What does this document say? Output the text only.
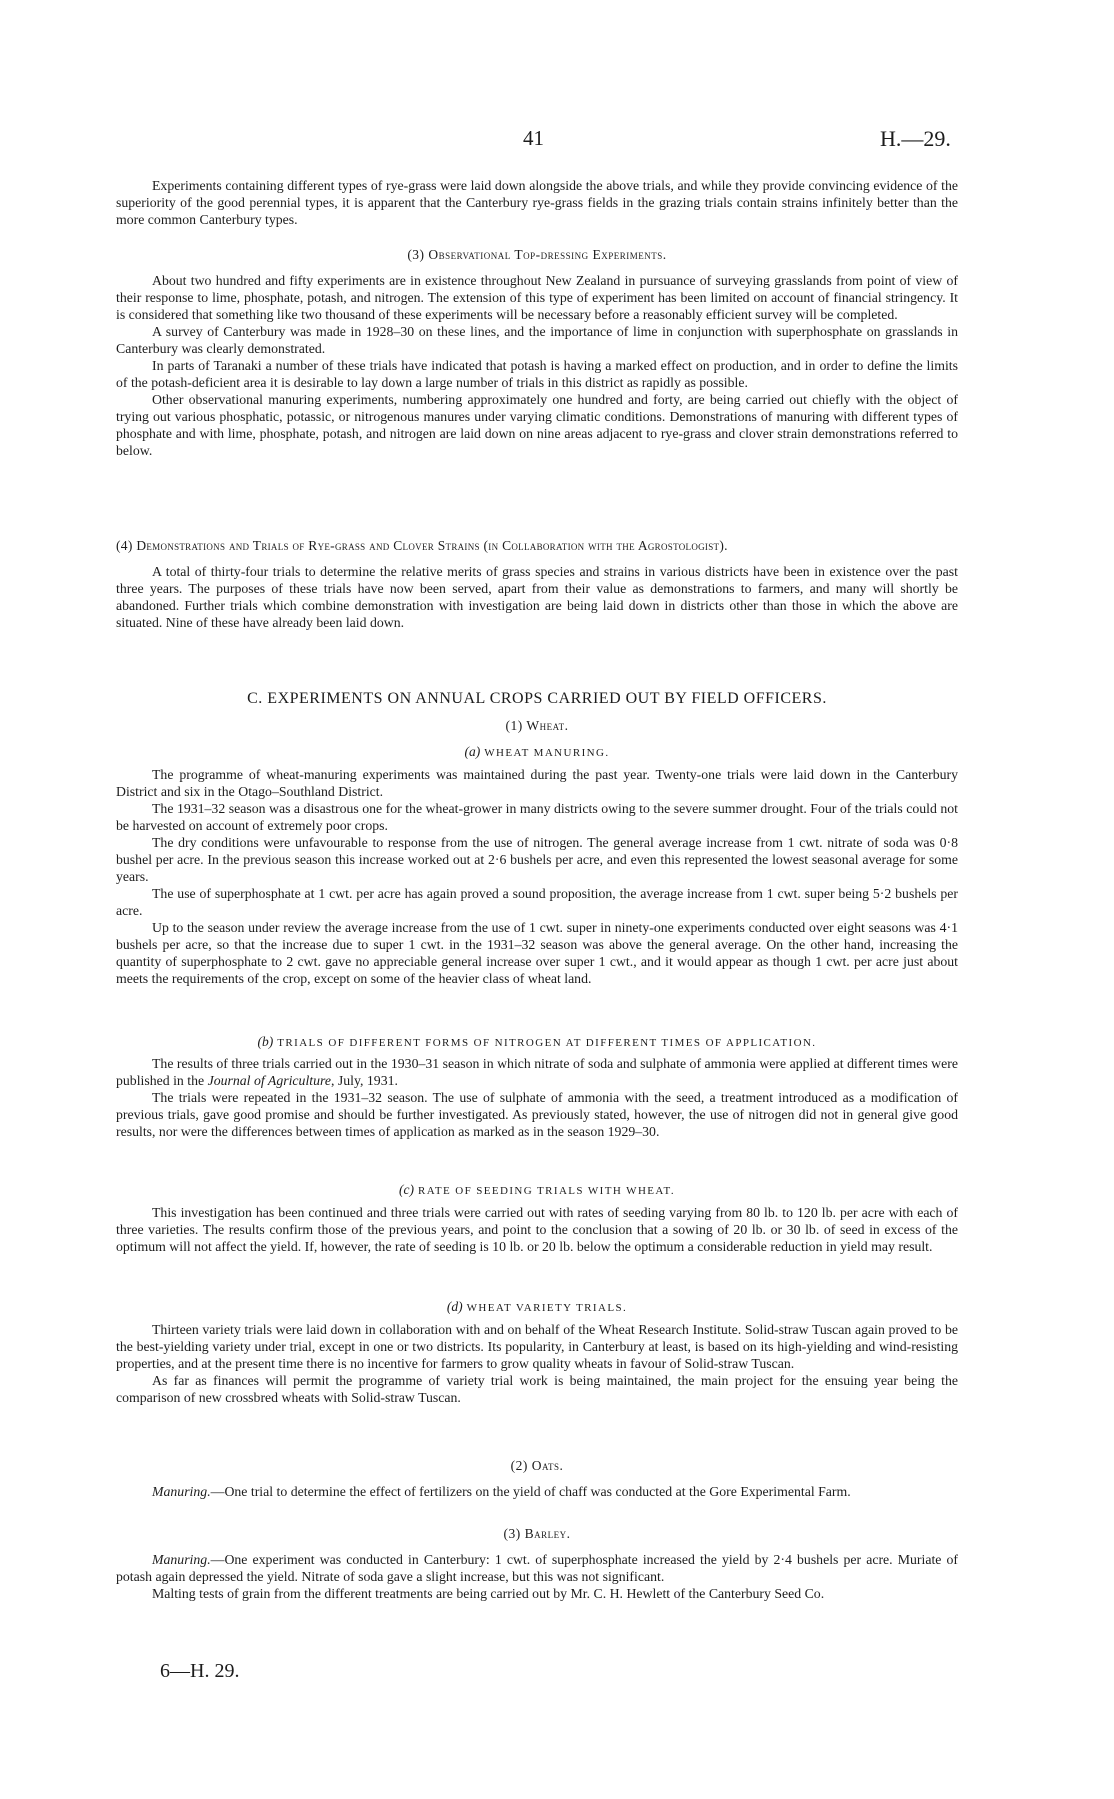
41	H.—29.

Experiments containing different types of rye-grass were laid down alongside the above trials, and while they provide convincing evidence of the superiority of the good perennial types, it is apparent that the Canterbury rye-grass fields in the grazing trials contain strains infinitely better than the more common Canterbury types.

(3) Observational Top-dressing Experiments.

About two hundred and fifty experiments are in existence throughout New Zealand in pursuance of surveying grasslands from point of view of their response to lime, phosphate, potash, and nitrogen. The extension of this type of experiment has been limited on account of financial stringency. It is considered that something like two thousand of these experiments will be necessary before a reasonably efficient survey will be completed.

A survey of Canterbury was made in 1928–30 on these lines, and the importance of lime in conjunction with superphosphate on grasslands in Canterbury was clearly demonstrated.

In parts of Taranaki a number of these trials have indicated that potash is having a marked effect on production, and in order to define the limits of the potash-deficient area it is desirable to lay down a large number of trials in this district as rapidly as possible.

Other observational manuring experiments, numbering approximately one hundred and forty, are being carried out chiefly with the object of trying out various phosphatic, potassic, or nitrogenous manures under varying climatic conditions. Demonstrations of manuring with different types of phosphate and with lime, phosphate, potash, and nitrogen are laid down on nine areas adjacent to rye-grass and clover strain demonstrations referred to below.

(4) Demonstrations and Trials of Rye-grass and Clover Strains (in Collaboration with the Agrostologist).

A total of thirty-four trials to determine the relative merits of grass species and strains in various districts have been in existence over the past three years. The purposes of these trials have now been served, apart from their value as demonstrations to farmers, and many will shortly be abandoned. Further trials which combine demonstration with investigation are being laid down in districts other than those in which the above are situated. Nine of these have already been laid down.

C. EXPERIMENTS ON ANNUAL CROPS CARRIED OUT BY FIELD OFFICERS.
(1) Wheat.
(a) WHEAT MANURING.

The programme of wheat-manuring experiments was maintained during the past year. Twenty-one trials were laid down in the Canterbury District and six in the Otago–Southland District.

The 1931–32 season was a disastrous one for the wheat-grower in many districts owing to the severe summer drought. Four of the trials could not be harvested on account of extremely poor crops.

The dry conditions were unfavourable to response from the use of nitrogen. The general average increase from 1 cwt. nitrate of soda was 0·8 bushel per acre. In the previous season this increase worked out at 2·6 bushels per acre, and even this represented the lowest seasonal average for some years.

The use of superphosphate at 1 cwt. per acre has again proved a sound proposition, the average increase from 1 cwt. super being 5·2 bushels per acre.

Up to the season under review the average increase from the use of 1 cwt. super in ninety-one experiments conducted over eight seasons was 4·1 bushels per acre, so that the increase due to super 1 cwt. in the 1931–32 season was above the general average. On the other hand, increasing the quantity of superphosphate to 2 cwt. gave no appreciable general increase over super 1 cwt., and it would appear as though 1 cwt. per acre just about meets the requirements of the crop, except on some of the heavier class of wheat land.

(b) TRIALS OF DIFFERENT FORMS OF NITROGEN AT DIFFERENT TIMES OF APPLICATION.

The results of three trials carried out in the 1930–31 season in which nitrate of soda and sulphate of ammonia were applied at different times were published in the Journal of Agriculture, July, 1931.

The trials were repeated in the 1931–32 season. The use of sulphate of ammonia with the seed, a treatment introduced as a modification of previous trials, gave good promise and should be further investigated. As previously stated, however, the use of nitrogen did not in general give good results, nor were the differences between times of application as marked as in the season 1929–30.

(c) RATE OF SEEDING TRIALS WITH WHEAT.

This investigation has been continued and three trials were carried out with rates of seeding varying from 80 lb. to 120 lb. per acre with each of three varieties. The results confirm those of the previous years, and point to the conclusion that a sowing of 20 lb. or 30 lb. of seed in excess of the optimum will not affect the yield. If, however, the rate of seeding is 10 lb. or 20 lb. below the optimum a considerable reduction in yield may result.

(d) WHEAT VARIETY TRIALS.

Thirteen variety trials were laid down in collaboration with and on behalf of the Wheat Research Institute. Solid-straw Tuscan again proved to be the best-yielding variety under trial, except in one or two districts. Its popularity, in Canterbury at least, is based on its high-yielding and wind-resisting properties, and at the present time there is no incentive for farmers to grow quality wheats in favour of Solid-straw Tuscan.

As far as finances will permit the programme of variety trial work is being maintained, the main project for the ensuing year being the comparison of new crossbred wheats with Solid-straw Tuscan.

(2) Oats.

Manuring.—One trial to determine the effect of fertilizers on the yield of chaff was conducted at the Gore Experimental Farm.

(3) Barley.

Manuring.—One experiment was conducted in Canterbury: 1 cwt. of superphosphate increased the yield by 2·4 bushels per acre. Muriate of potash again depressed the yield. Nitrate of soda gave a slight increase, but this was not significant.

Malting tests of grain from the different treatments are being carried out by Mr. C. H. Hewlett of the Canterbury Seed Co.

6—H. 29.
